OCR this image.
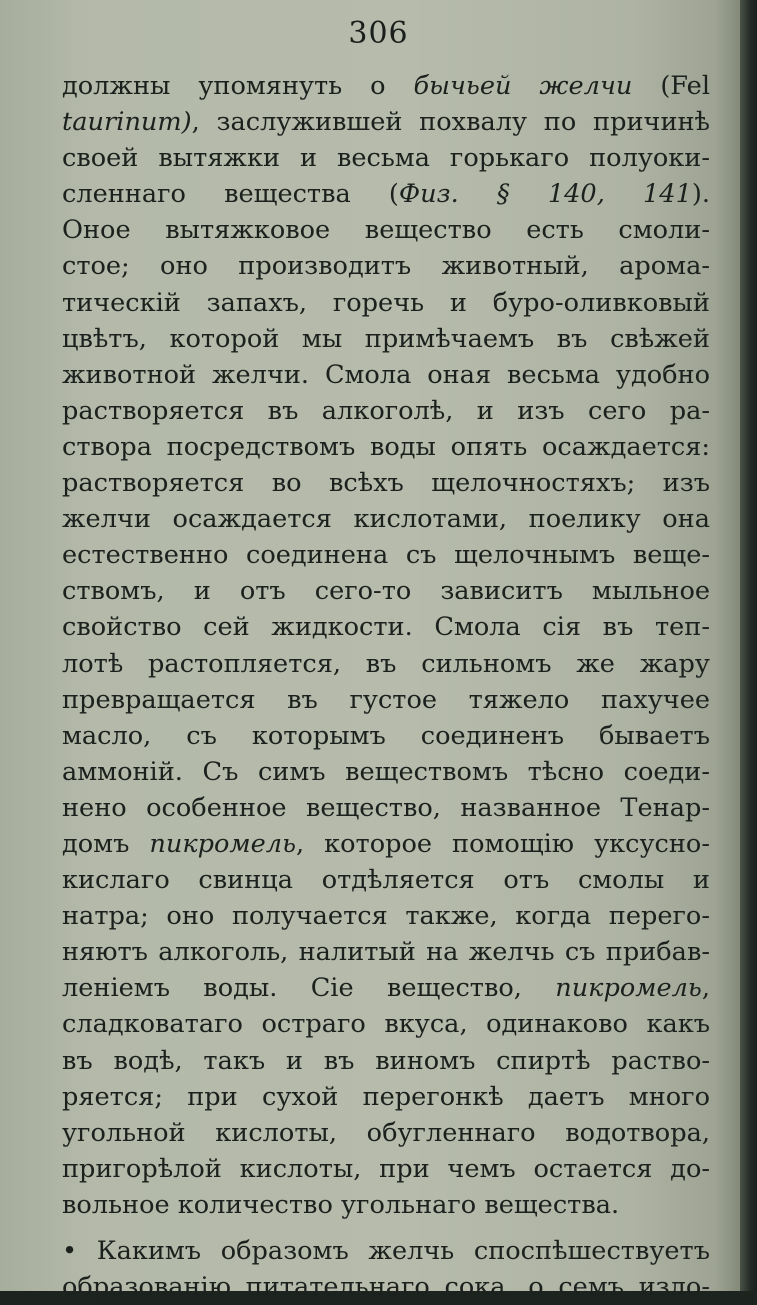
306
должны упомянуть о бычьей желчи (Fel
taurinum), заслужившей похвалу по причинѣ
своей вытяжки и весьма горькаго полуоки-
сленнаго вещества (Физ. § 140, 141).
Оное вытяжковое вещество есть смоли-
стое; оно производитъ животный, арома-
тическій запахъ, горечь и буро-оливковый
цвѣтъ, которой мы примѣчаемъ въ свѣжей
животной желчи. Смола оная весьма удобно
растворяется въ алкоголѣ, и изъ сего ра-
створа посредствомъ воды опять осаждается:
растворяется во всѣхъ щелочностяхъ; изъ
желчи осаждается кислотами, поелику она
естественно соединена съ щелочнымъ веще-
ствомъ, и отъ сего-то зависитъ мыльное
свойство сей жидкости. Смола сія въ теп-
лотѣ растопляется, въ сильномъ же жару
превращается въ густое тяжело пахучее
масло, съ которымъ соединенъ бываетъ
аммоній. Съ симъ веществомъ тѣсно соеди-
нено особенное вещество, названное Тенар-
домъ пикромель, которое помощію уксусно-
кислаго свинца отдѣляется отъ смолы и
натра; оно получается также, когда перего-
няютъ алкоголь, налитый на желчь съ прибав-
леніемъ воды. Сіе вещество, пикромель,
сладковатаго остраго вкуса, одинаково какъ
въ водѣ, такъ и въ виномъ спиртѣ раство-
ряется; при сухой перегонкѣ даетъ много
угольной кислоты, обугленнаго водотвора,
пригорѣлой кислоты, при чемъ остается до-
вольное количество угольнаго вещества.
• Какимъ образомъ желчь споспѣшествуетъ
образованію питательнаго сока, о семъ изло-
